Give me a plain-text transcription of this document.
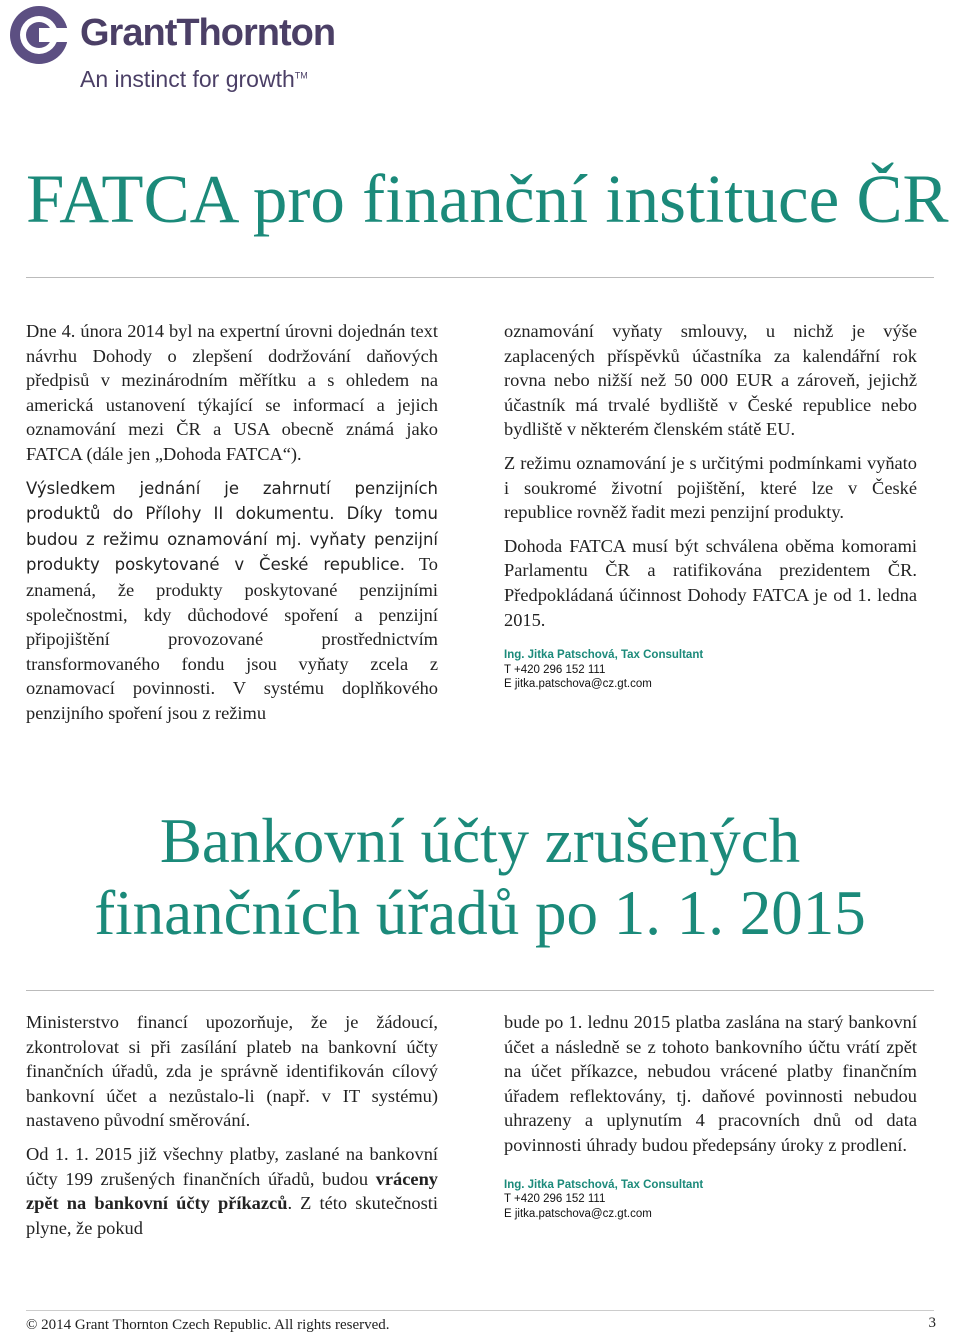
GrantThornton
An instinct for growth™
FATCA pro finanční instituce ČR

Dne 4. února 2014 byl na expertní úrovni dojednán text návrhu Dohody o zlepšení dodržování daňových předpisů v mezinárodním měřítku a s ohledem na americká ustanovení týkající se informací a jejich oznamování mezi ČR a USA obecně známá jako FATCA (dále jen „Dohoda FATCA“).

Výsledkem jednání je zahrnutí penzijních produktů do Přílohy II dokumentu. Díky tomu budou z režimu oznamování mj. vyňaty penzijní produkty poskytované v České republice. To znamená, že produkty poskytované penzijními společnostmi, kdy důchodové spoření a penzijní připojištění provozované prostřednictvím transformovaného fondu jsou vyňaty zcela z oznamovací povinnosti. V systému doplňkového penzijního spoření jsou z režimu

oznamování vyňaty smlouvy, u nichž je výše zaplacených příspěvků účastníka za kalendářní rok rovna nebo nižší než 50 000 EUR a zároveň, jejichž účastník má trvalé bydliště v České republice nebo bydliště v některém členském státě EU.

Z režimu oznamování je s určitými podmínkami vyňato i soukromé životní pojištění, které lze v České republice rovněž řadit mezi penzijní produkty.

Dohoda FATCA musí být schválena oběma komorami Parlamentu ČR a ratifikována prezidentem ČR. Předpokládaná účinnost Dohody FATCA je od 1. ledna 2015.

Ing. Jitka Patschová, Tax Consultant
T +420 296 152 111
E jitka.patschova@cz.gt.com
Bankovní účty zrušených
finančních úřadů po 1. 1. 2015

Ministerstvo financí upozorňuje, že je žádoucí, zkontrolovat si při zasílání plateb na bankovní účty finančních úřadů, zda je správně identifikován cílový bankovní účet a nezůstalo-li (např. v IT systému) nastaveno původní směrování.

Od 1. 1. 2015 již všechny platby, zaslané na bankovní účty 199 zrušených finančních úřadů, budou vráceny zpět na bankovní účty příkazců. Z této skutečnosti plyne, že pokud

bude po 1. lednu 2015 platba zaslána na starý bankovní účet a následně se z tohoto bankovního účtu vrátí zpět na účet příkazce, nebudou vrácené platby finančním úřadem reflektovány, tj. daňové povinnosti nebudou uhrazeny a uplynutím 4 pracovních dnů od data povinnosti úhrady budou předepsány úroky z prodlení.

Ing. Jitka Patschová, Tax Consultant
T +420 296 152 111
E jitka.patschova@cz.gt.com
© 2014 Grant Thornton Czech Republic. All rights reserved.	3
